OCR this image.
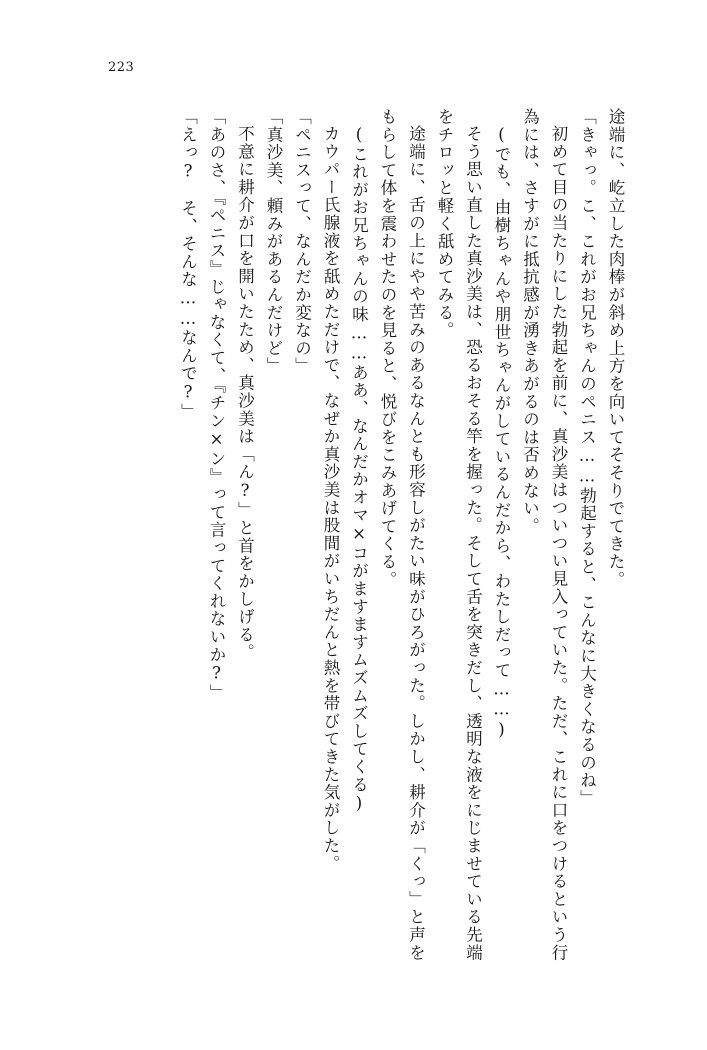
223

途端に、屹立した肉棒が斜め上方を向いてそそりでてきた。

「きゃっ。こ、これがお兄ちゃんのペニス……勃起すると、こんなに大きくなるのね」

初めて目の当たりにした勃起を前に、真沙美はついつい見入っていた。ただ、これに口をつけるという行為には、さすがに抵抗感が湧きあがるのは否めない。

(でも、由樹ちゃんや朋世ちゃんがしているんだから、わたしだって……)

そう思い直した真沙美は、恐るおそる竿を握った。そして舌を突きだし、透明な液をにじませている先端をチロッと軽く舐めてみる。

途端に、舌の上にやや苦みのあるなんとも形容しがたい味がひろがった。しかし、耕介が「くっ」と声をもらして体を震わせたのを見ると、悦びをこみあげてくる。

(これがお兄ちゃんの味……ああ、なんだかオマ×コがますますムズムズしてくる)

カウパー氏腺液を舐めただけで、なぜか真沙美は股間がいちだんと熱を帯びてきた気がした。

「ペニスって、なんだか変なの」

「真沙美、頼みがあるんだけど」

不意に耕介が口を開いたため、真沙美は「ん?」と首をかしげる。

「あのさ、『ペニス』じゃなくて、『チン×ン』って言ってくれないか?」

「えっ?　そ、そんな……なんで?」
